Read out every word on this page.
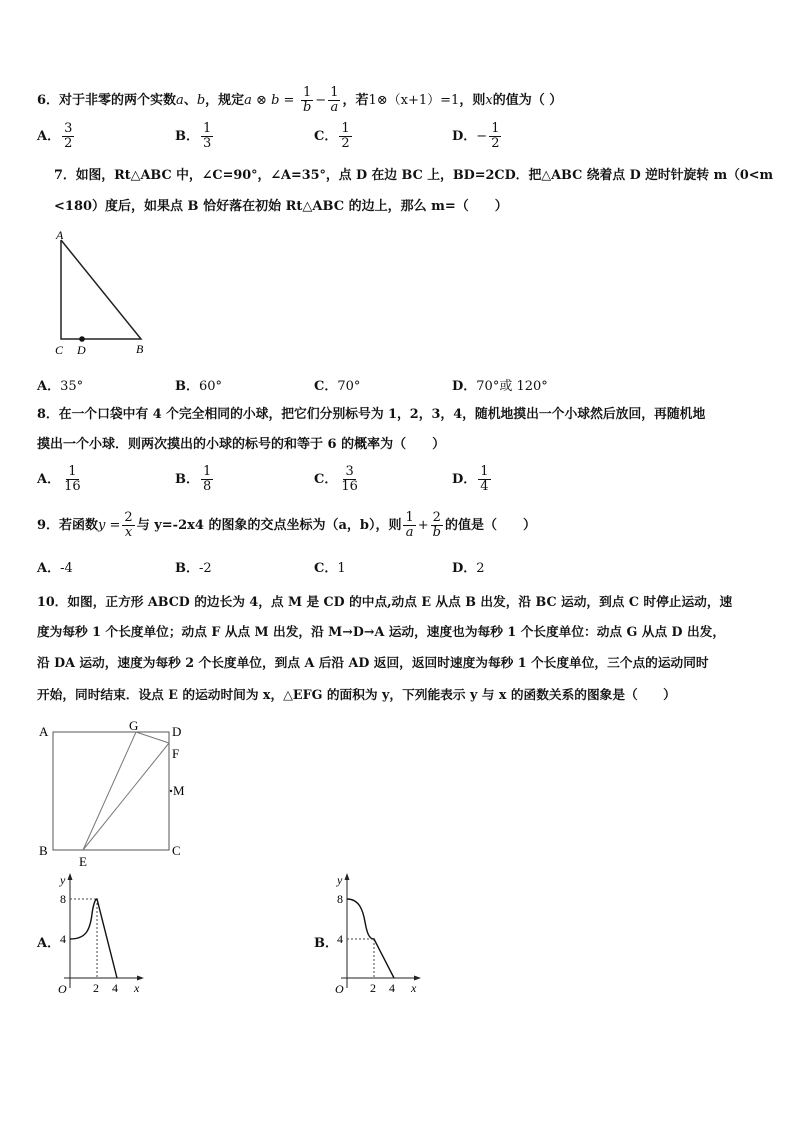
6．对于非零的两个实数a、b，规定a ⊗ $b = \frac{1}{b} - \frac{1}{a}$ ，若1⊗（x+1）=1，则x的值为（ ）
A． $\frac{3}{2}$	B． $\frac{1}{3}$	C． $\frac{1}{2}$	D．− $\frac{1}{2}$
7．如图，Rt△ABC 中，∠C=90°，∠A=35°，点 D 在边 BC 上，BD=2CD．把△ABC 绕着点 D 逆时针旋转 m（0<m
<180）度后，如果点 B 恰好落在初始 Rt△ABC 的边上，那么 m=（　　）
A
C D	B
A．35°	B．60°	C．70°	D．70°或 120°
8．在一个口袋中有 4 个完全相同的小球，把它们分别标号为 1，2，3，4，随机地摸出一个小球然后放回，再随机地
摸出一个小球．则两次摸出的小球的标号的和等于 6 的概率为（　　）
A． $\frac{1}{16}$	B． $\frac{1}{8}$	C． $\frac{3}{16}$	D． $\frac{1}{4}$
9．若函数$y = \frac{2}{x}$ 与 y=-2x4 的图象的交点坐标为（a，b），则 $\frac{1}{a} + \frac{2}{b}$ 的值是（　　）
A．-4	B．-2	C．1	D．2
10．如图，正方形 ABCD 的边长为 4，点 M 是 CD 的中点,动点 E 从点 B 出发，沿 BC 运动，到点 C 时停止运动，速
度为每秒 1 个长度单位；动点 F 从点 M 出发，沿 M→D→A 运动，速度也为每秒 1 个长度单位：动点 G 从点 D 出发，
沿 DA 运动，速度为每秒 2 个长度单位，到点 A 后沿 AD 返回，返回时速度为每秒 1 个长度单位，三个点的运动同时
开始，同时结束．设点 E 的运动时间为 x，△EFG 的面积为 y，下列能表示 y 与 x 的函数关系的图象是（　　）
A	G	D
F
M
B
E
C
A．
y
8
4
O 2 4 x
B．
y
8
4
O 2 4 x
